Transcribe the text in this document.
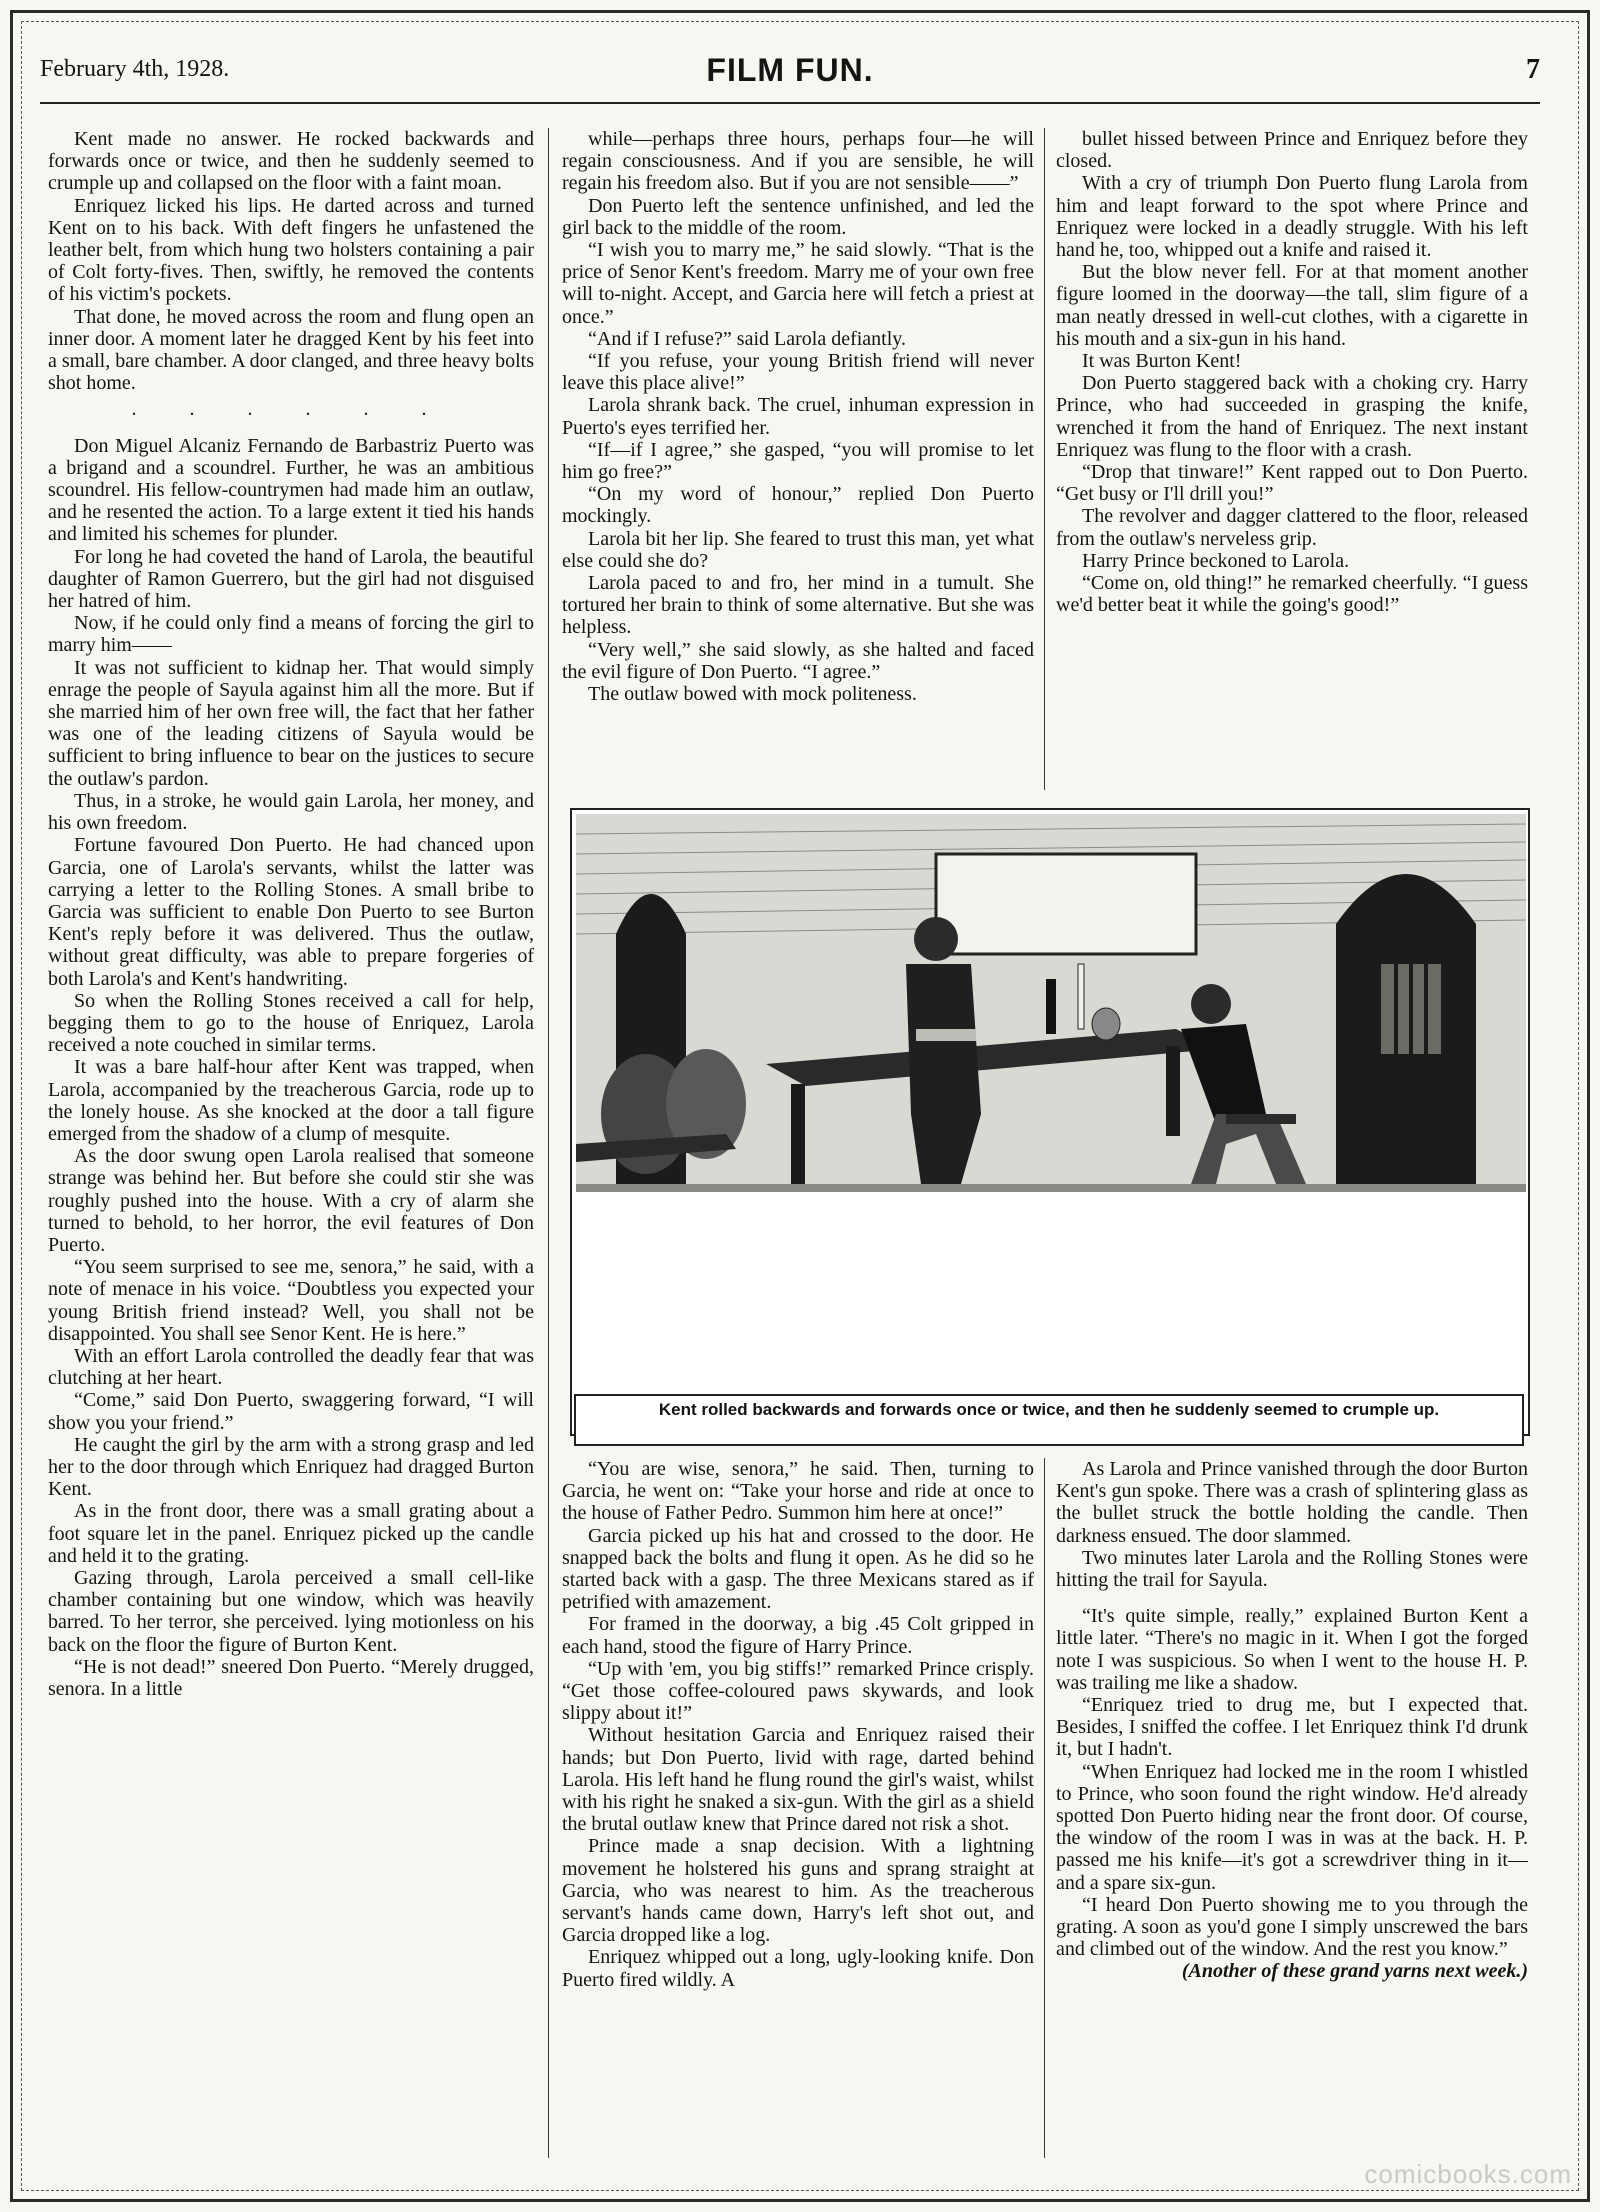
February 4th, 1928.	FILM FUN.	7

Kent made no answer. He rocked backwards and forwards once or twice, and then he suddenly seemed to crumple up and collapsed on the floor with a faint moan.

Enriquez licked his lips. He darted across and turned Kent on to his back. With deft fingers he unfastened the leather belt, from which hung two holsters containing a pair of Colt forty-fives. Then, swiftly, he removed the contents of his victim's pockets.

That done, he moved across the room and flung open an inner door. A moment later he dragged Kent by his feet into a small, bare chamber. A door clanged, and three heavy bolts shot home.

. . . . . .

Don Miguel Alcaniz Fernando de Barbastriz Puerto was a brigand and a scoundrel. Further, he was an ambitious scoundrel. His fellow-countrymen had made him an outlaw, and he resented the action. To a large extent it tied his hands and limited his schemes for plunder.

For long he had coveted the hand of Larola, the beautiful daughter of Ramon Guerrero, but the girl had not disguised her hatred of him.

Now, if he could only find a means of forcing the girl to marry him——

It was not sufficient to kidnap her. That would simply enrage the people of Sayula against him all the more. But if she married him of her own free will, the fact that her father was one of the leading citizens of Sayula would be sufficient to bring influence to bear on the justices to secure the outlaw's pardon.

Thus, in a stroke, he would gain Larola, her money, and his own freedom.

Fortune favoured Don Puerto. He had chanced upon Garcia, one of Larola's servants, whilst the latter was carrying a letter to the Rolling Stones. A small bribe to Garcia was sufficient to enable Don Puerto to see Burton Kent's reply before it was delivered. Thus the outlaw, without great difficulty, was able to prepare forgeries of both Larola's and Kent's handwriting.

So when the Rolling Stones received a call for help, begging them to go to the house of Enriquez, Larola received a note couched in similar terms.

It was a bare half-hour after Kent was trapped, when Larola, accompanied by the treacherous Garcia, rode up to the lonely house. As she knocked at the door a tall figure emerged from the shadow of a clump of mesquite.

As the door swung open Larola realised that someone strange was behind her. But before she could stir she was roughly pushed into the house. With a cry of alarm she turned to behold, to her horror, the evil features of Don Puerto.

“You seem surprised to see me, senora,” he said, with a note of menace in his voice. “Doubtless you expected your young British friend instead? Well, you shall not be disappointed. You shall see Senor Kent. He is here.”

With an effort Larola controlled the deadly fear that was clutching at her heart.

“Come,” said Don Puerto, swaggering forward, “I will show you your friend.”

He caught the girl by the arm with a strong grasp and led her to the door through which Enriquez had dragged Burton Kent.

As in the front door, there was a small grating about a foot square let in the panel. Enriquez picked up the candle and held it to the grating.

Gazing through, Larola perceived a small cell-like chamber containing but one window, which was heavily barred. To her terror, she perceived. lying motionless on his back on the floor the figure of Burton Kent.

“He is not dead!” sneered Don Puerto. “Merely drugged, senora. In a little

while—perhaps three hours, perhaps four—he will regain consciousness. And if you are sensible, he will regain his freedom also. But if you are not sensible——”

Don Puerto left the sentence unfinished, and led the girl back to the middle of the room.

“I wish you to marry me,” he said slowly. “That is the price of Senor Kent's freedom. Marry me of your own free will to-night. Accept, and Garcia here will fetch a priest at once.”

“And if I refuse?” said Larola defiantly.

“If you refuse, your young British friend will never leave this place alive!”

Larola shrank back. The cruel, inhuman expression in Puerto's eyes terrified her.

“If—if I agree,” she gasped, “you will promise to let him go free?”

“On my word of honour,” replied Don Puerto mockingly.

Larola bit her lip. She feared to trust this man, yet what else could she do?

Larola paced to and fro, her mind in a tumult. She tortured her brain to think of some alternative. But she was helpless.

“Very well,” she said slowly, as she halted and faced the evil figure of Don Puerto. “I agree.”

The outlaw bowed with mock politeness.

bullet hissed between Prince and Enriquez before they closed.

With a cry of triumph Don Puerto flung Larola from him and leapt forward to the spot where Prince and Enriquez were locked in a deadly struggle. With his left hand he, too, whipped out a knife and raised it.

But the blow never fell. For at that moment another figure loomed in the doorway—the tall, slim figure of a man neatly dressed in well-cut clothes, with a cigarette in his mouth and a six-gun in his hand.

It was Burton Kent!

Don Puerto staggered back with a choking cry. Harry Prince, who had succeeded in grasping the knife, wrenched it from the hand of Enriquez. The next instant Enriquez was flung to the floor with a crash.

“Drop that tinware!” Kent rapped out to Don Puerto. “Get busy or I'll drill you!”

The revolver and dagger clattered to the floor, released from the outlaw's nerveless grip.

Harry Prince beckoned to Larola.

“Come on, old thing!” he remarked cheerfully. “I guess we'd better beat it while the going's good!”

Kent rolled backwards and forwards once or twice, and then he suddenly seemed to crumple up.

“You are wise, senora,” he said. Then, turning to Garcia, he went on: “Take your horse and ride at once to the house of Father Pedro. Summon him here at once!”

Garcia picked up his hat and crossed to the door. He snapped back the bolts and flung it open. As he did so he started back with a gasp. The three Mexicans stared as if petrified with amazement.

For framed in the doorway, a big .45 Colt gripped in each hand, stood the figure of Harry Prince.

“Up with 'em, you big stiffs!” remarked Prince crisply. “Get those coffee-coloured paws skywards, and look slippy about it!”

Without hesitation Garcia and Enriquez raised their hands; but Don Puerto, livid with rage, darted behind Larola. His left hand he flung round the girl's waist, whilst with his right he snaked a six-gun. With the girl as a shield the brutal outlaw knew that Prince dared not risk a shot.

Prince made a snap decision. With a lightning movement he holstered his guns and sprang straight at Garcia, who was nearest to him. As the treacherous servant's hands came down, Harry's left shot out, and Garcia dropped like a log.

Enriquez whipped out a long, ugly-looking knife. Don Puerto fired wildly. A

As Larola and Prince vanished through the door Burton Kent's gun spoke. There was a crash of splintering glass as the bullet struck the bottle holding the candle. Then darkness ensued. The door slammed.

Two minutes later Larola and the Rolling Stones were hitting the trail for Sayula.

“It's quite simple, really,” explained Burton Kent a little later. “There's no magic in it. When I got the forged note I was suspicious. So when I went to the house H. P. was trailing me like a shadow.

“Enriquez tried to drug me, but I expected that. Besides, I sniffed the coffee. I let Enriquez think I'd drunk it, but I hadn't.

“When Enriquez had locked me in the room I whistled to Prince, who soon found the right window. He'd already spotted Don Puerto hiding near the front door. Of course, the window of the room I was in was at the back. H. P. passed me his knife—it's got a screwdriver thing in it—and a spare six-gun.

“I heard Don Puerto showing me to you through the grating. A soon as you'd gone I simply unscrewed the bars and climbed out of the window. And the rest you know.”

(Another of these grand yarns next week.)

comicbooks.com
